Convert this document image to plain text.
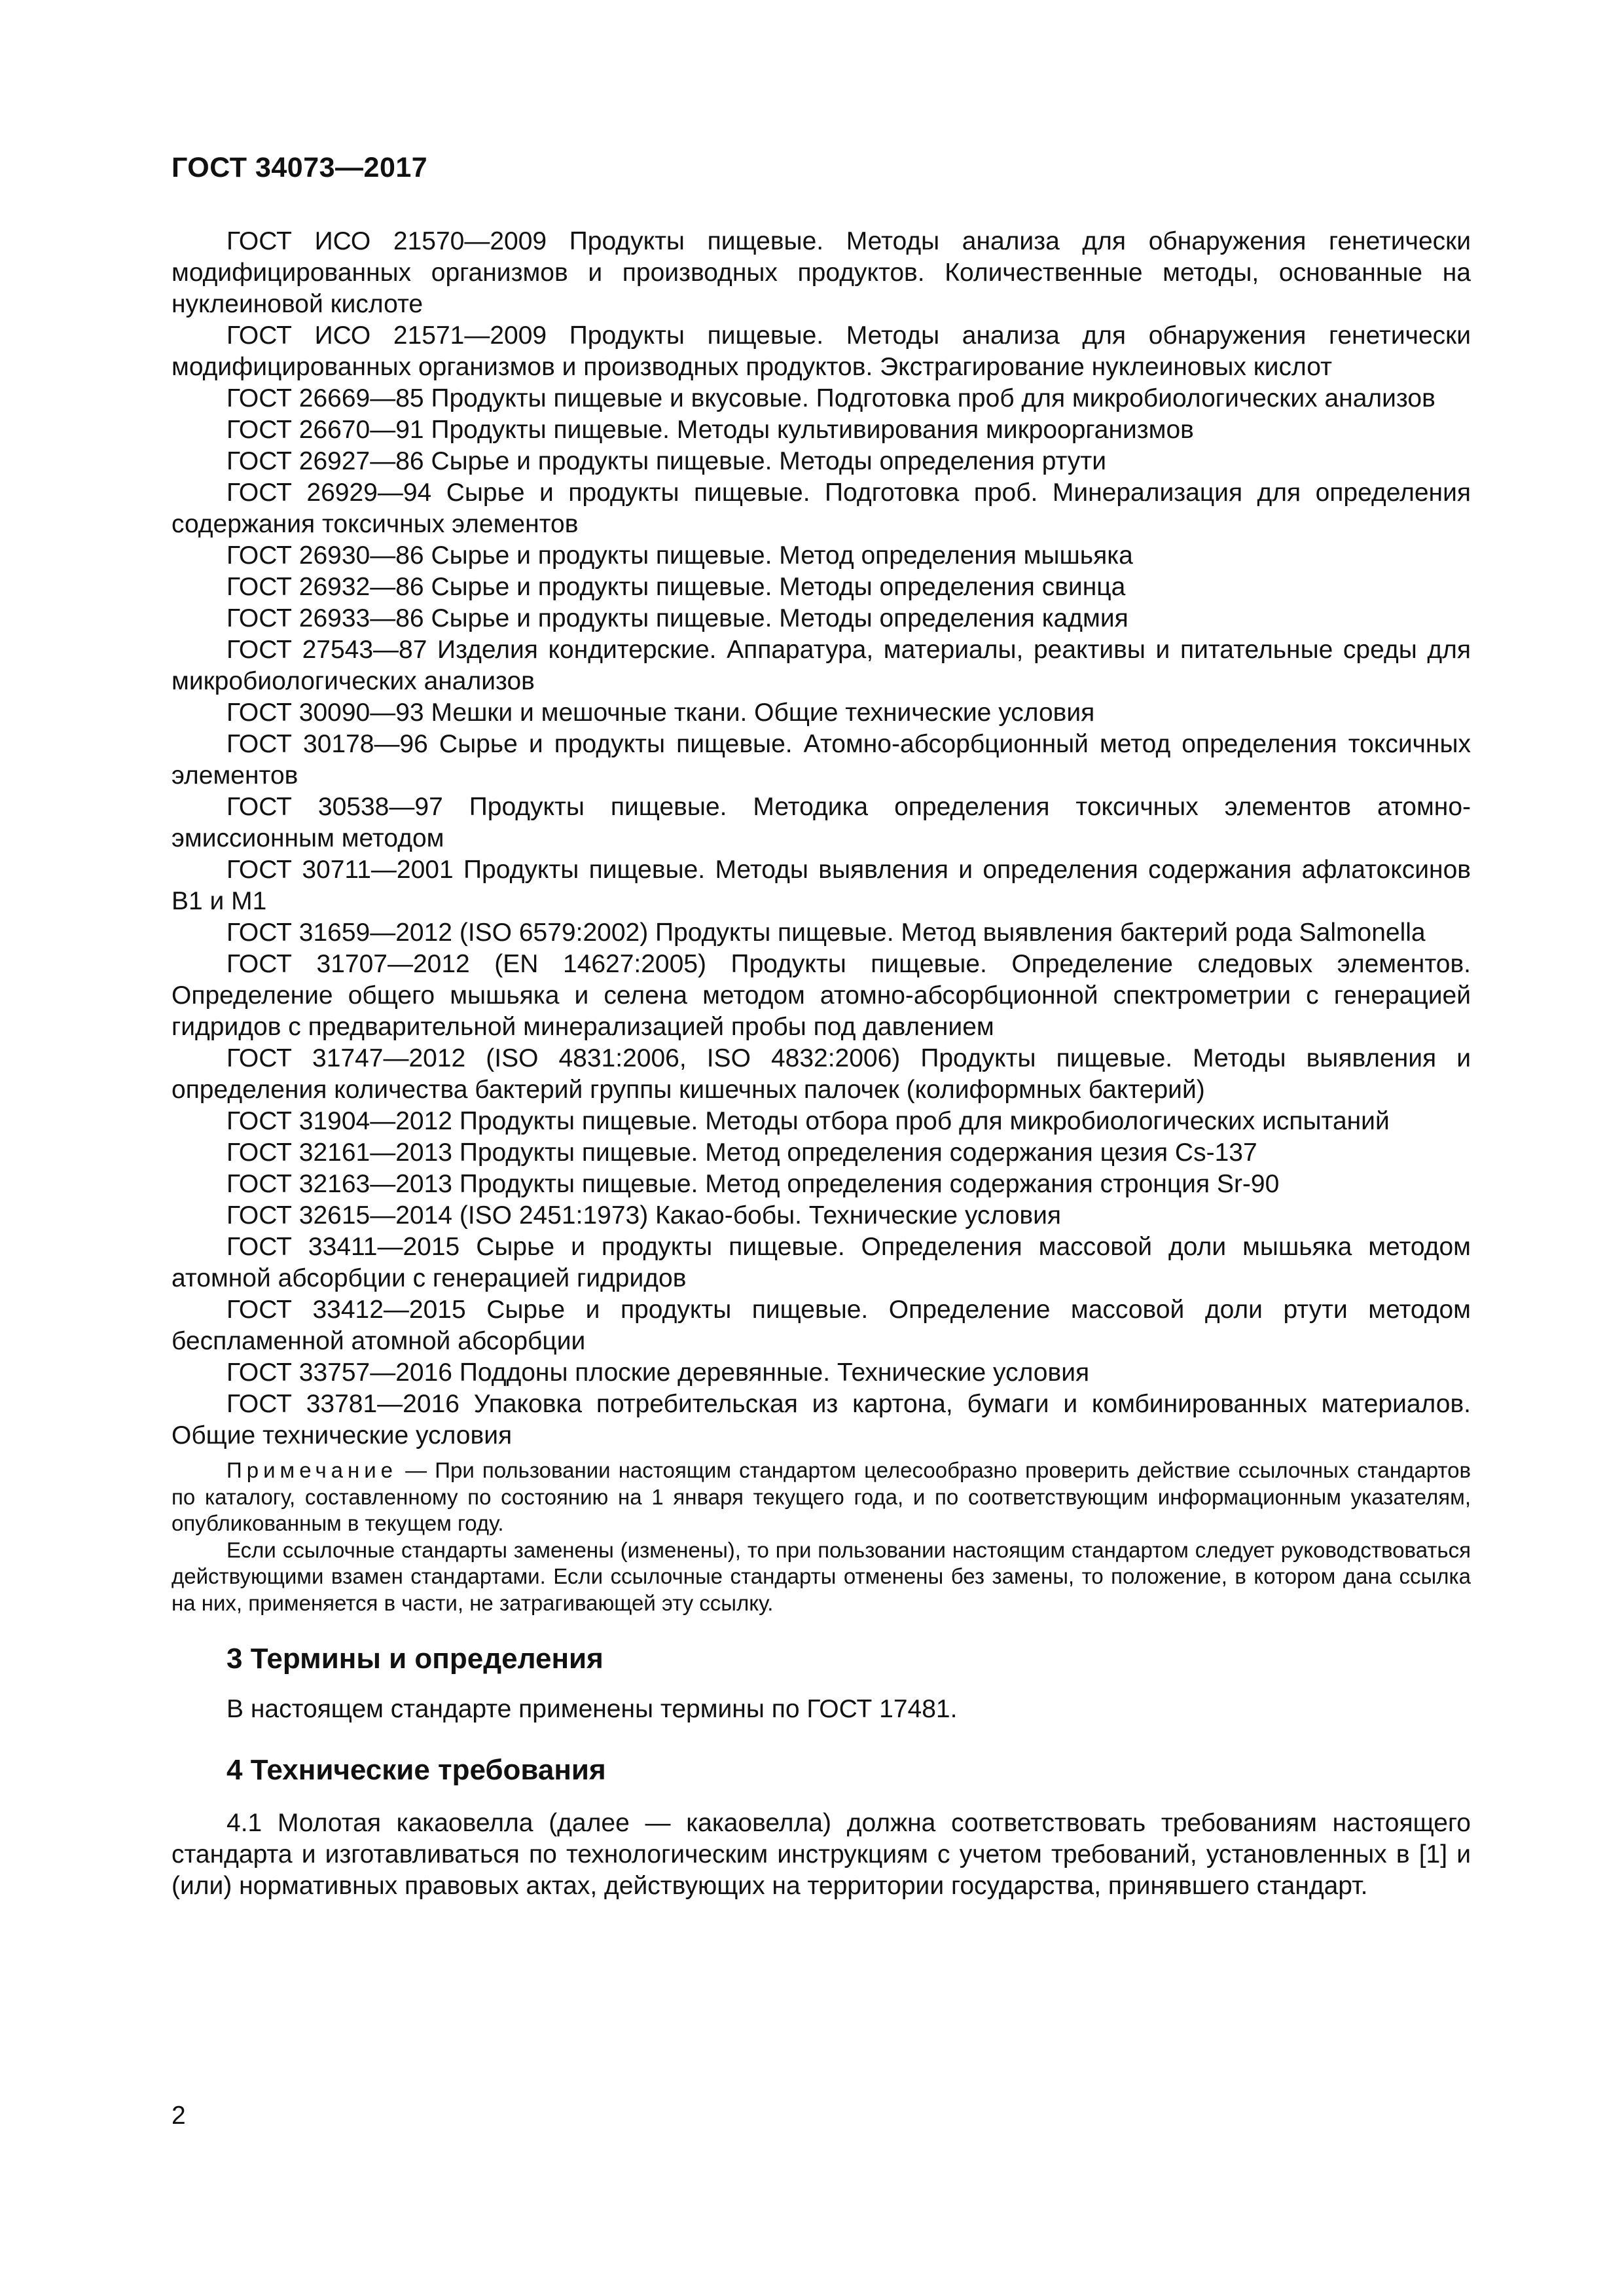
ГОСТ 34073—2017

ГОСТ ИСО 21570—2009 Продукты пищевые. Методы анализа для обнаружения генетически модифицированных организмов и производных продуктов. Количественные методы, основанные на нуклеиновой кислоте

ГОСТ ИСО 21571—2009 Продукты пищевые. Методы анализа для обнаружения генетически модифицированных организмов и производных продуктов. Экстрагирование нуклеиновых кислот

ГОСТ 26669—85 Продукты пищевые и вкусовые. Подготовка проб для микробиологических анализов

ГОСТ 26670—91 Продукты пищевые. Методы культивирования микроорганизмов

ГОСТ 26927—86 Сырье и продукты пищевые. Методы определения ртути

ГОСТ 26929—94 Сырье и продукты пищевые. Подготовка проб. Минерализация для определения содержания токсичных элементов

ГОСТ 26930—86 Сырье и продукты пищевые. Метод определения мышьяка

ГОСТ 26932—86 Сырье и продукты пищевые. Методы определения свинца

ГОСТ 26933—86 Сырье и продукты пищевые. Методы определения кадмия

ГОСТ 27543—87 Изделия кондитерские. Аппаратура, материалы, реактивы и питательные среды для микробиологических анализов

ГОСТ 30090—93 Мешки и мешочные ткани. Общие технические условия

ГОСТ 30178—96 Сырье и продукты пищевые. Атомно-абсорбционный метод определения токсичных элементов

ГОСТ 30538—97 Продукты пищевые. Методика определения токсичных элементов атомно-эмиссионным методом

ГОСТ 30711—2001 Продукты пищевые. Методы выявления и определения содержания афлатоксинов B1 и M1

ГОСТ 31659—2012 (ISO 6579:2002) Продукты пищевые. Метод выявления бактерий рода Salmonella

ГОСТ 31707—2012 (EN 14627:2005) Продукты пищевые. Определение следовых элементов. Определение общего мышьяка и селена методом атомно-абсорбционной спектрометрии с генерацией гидридов с предварительной минерализацией пробы под давлением

ГОСТ 31747—2012 (ISO 4831:2006, ISO 4832:2006) Продукты пищевые. Методы выявления и определения количества бактерий группы кишечных палочек (колиформных бактерий)

ГОСТ 31904—2012 Продукты пищевые. Методы отбора проб для микробиологических испытаний

ГОСТ 32161—2013 Продукты пищевые. Метод определения содержания цезия Cs-137

ГОСТ 32163—2013 Продукты пищевые. Метод определения содержания стронция Sr-90

ГОСТ 32615—2014 (ISO 2451:1973) Какао-бобы. Технические условия

ГОСТ 33411—2015 Сырье и продукты пищевые. Определения массовой доли мышьяка методом атомной абсорбции с генерацией гидридов

ГОСТ 33412—2015 Сырье и продукты пищевые. Определение массовой доли ртути методом беспламенной атомной абсорбции

ГОСТ 33757—2016 Поддоны плоские деревянные. Технические условия

ГОСТ 33781—2016 Упаковка потребительская из картона, бумаги и комбинированных материалов. Общие технические условия

Примечание — При пользовании настоящим стандартом целесообразно проверить действие ссылочных стандартов по каталогу, составленному по состоянию на 1 января текущего года, и по соответствующим информационным указателям, опубликованным в текущем году.

Если ссылочные стандарты заменены (изменены), то при пользовании настоящим стандартом следует руководствоваться действующими взамен стандартами. Если ссылочные стандарты отменены без замены, то положение, в котором дана ссылка на них, применяется в части, не затрагивающей эту ссылку.

3 Термины и определения

В настоящем стандарте применены термины по ГОСТ 17481.

4 Технические требования

4.1 Молотая какаовелла (далее — какаовелла) должна соответствовать требованиям настоящего стандарта и изготавливаться по технологическим инструкциям с учетом требований, установленных в [1] и (или) нормативных правовых актах, действующих на территории государства, принявшего стандарт.

2
